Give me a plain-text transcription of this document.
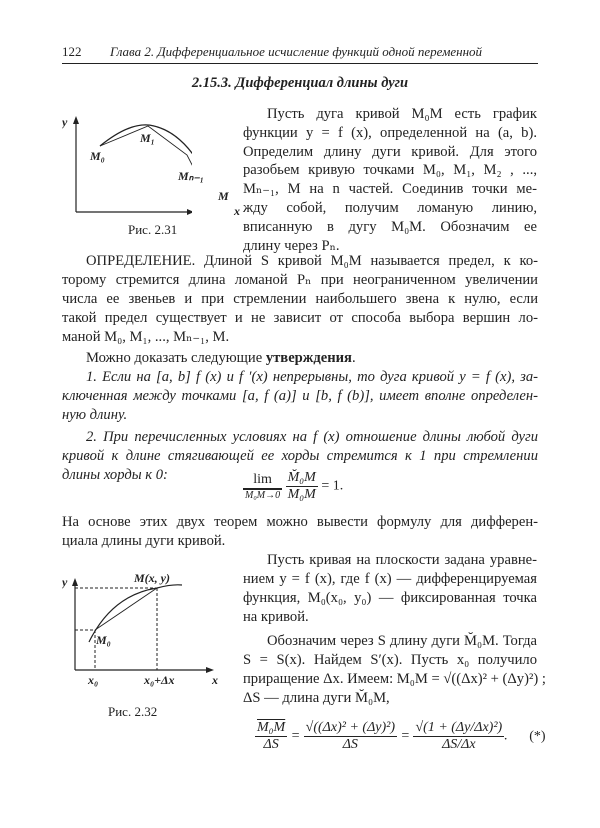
122 Глава 2. Дифференциальное исчисление функций одной переменной
2.15.3. Дифференциал длины дуги
y
M₀
M₁
Mₙ₋₁
M
x
Рис. 2.31
Пусть дуга кривой M₀M есть график
функции y = f (x), определенной на (a, b).
Определим длину дуги кривой. Для этого
разобьем кривую точками M₀, M₁, M₂ , ...,
Mₙ₋₁, M на n частей. Соединив точки ме-
жду собой, получим ломаную линию,
вписанную в дугу M₀M. Обозначим ее
длину через Pₙ.
ОПРЕДЕЛЕНИЕ. Длиной S кривой M₀M называется предел, к ко-
торому стремится длина ломаной Pₙ при неограниченном увеличении
числа ее звеньев и при стремлении наибольшего звена к нулю, если
такой предел существует и не зависит от способа выбора вершин ло-
маной M₀, M₁, ..., Mₙ₋₁, M.
Можно доказать следующие утверждения.
1. Если на [a, b] f (x) и f ′(x) непрерывны, то дуга кривой y = f (x), за-
ключенная между точками [a, f (a)] и [b, f (b)], имеет вполне определен-
ную длину.
2. При перечисленных условиях на f (x) отношение длины любой дуги
кривой к длине стягивающей ее хорды стремится к 1 при стремлении
длины хорды к 0:	$\frac{\lim}{\text{M₀M→0}}$
$\frac{\text{M̆₀M}}{\text{M₀M}} = 1$.
На основе этих двух теорем можно вывести формулу для дифферен-
циала длины дуги кривой.
y	M(x, y)
M₀
x₀	x₀+Δx	x
Рис. 2.32
Пусть кривая на плоскости задана уравне-
нием y = f (x), где f (x) — дифференцируемая
функция, M₀(x₀, y₀) — фиксированная точка
на кривой.
Обозначим через S длину дуги M̆₀M. Тогда
S = S(x). Найдем S′(x). Пусть x₀ получило
приращение Δx. Имеем: M₀M = √((Δx)² + (Δy)²) ;
ΔS — длина дуги M̆₀M,
$\frac{\text{M₀M}}{\Delta S} = \frac{\text{√((Δx)² + (Δy)²)}}{\Delta S} = \frac{\text{√(1 + (Δy/Δx)²)}}{\Delta S/\Delta x}$ . (*)
